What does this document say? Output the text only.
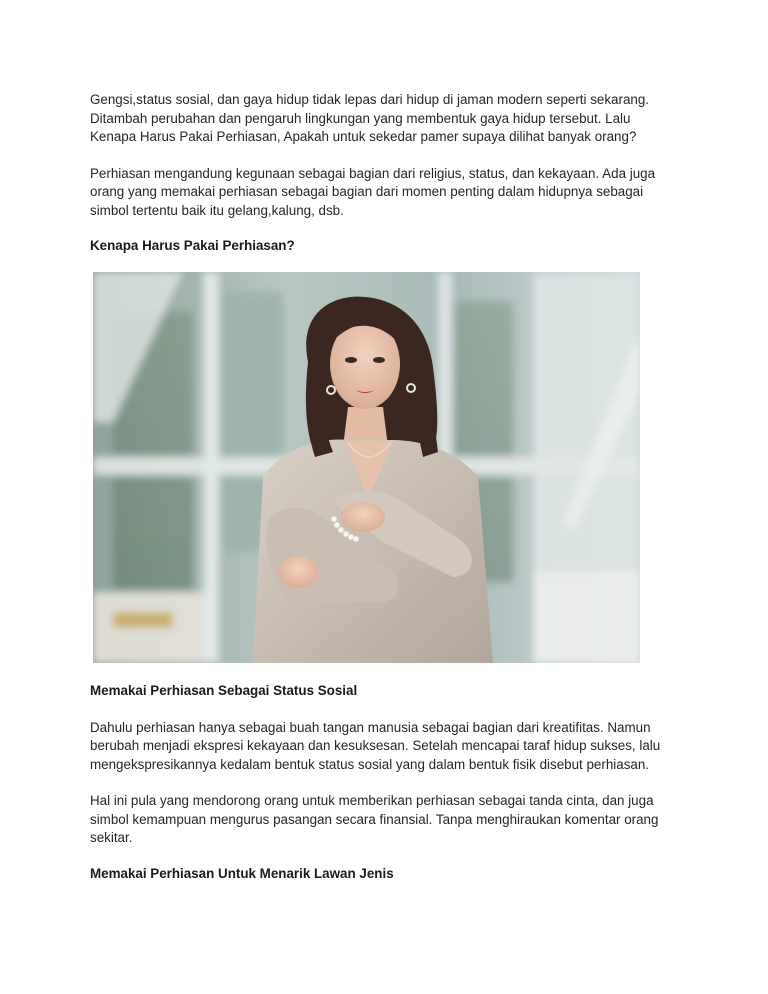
Gengsi,status sosial, dan gaya hidup tidak lepas dari hidup di jaman modern seperti sekarang.
Ditambah perubahan dan pengaruh lingkungan yang membentuk gaya hidup tersebut. Lalu
Kenapa Harus Pakai Perhiasan, Apakah untuk sekedar pamer supaya dilihat banyak orang?

Perhiasan mengandung kegunaan sebagai bagian dari religius, status, dan kekayaan. Ada juga
orang yang memakai perhiasan sebagai bagian dari momen penting dalam hidupnya sebagai
simbol tertentu baik itu gelang,kalung, dsb.

Kenapa Harus Pakai Perhiasan?
Memakai Perhiasan Sebagai Status Sosial

Dahulu perhiasan hanya sebagai buah tangan manusia sebagai bagian dari kreatifitas. Namun
berubah menjadi ekspresi kekayaan dan kesuksesan. Setelah mencapai taraf hidup sukses, lalu
mengekspresikannya kedalam bentuk status sosial yang dalam bentuk fisik disebut perhiasan.

Hal ini pula yang mendorong orang untuk memberikan perhiasan sebagai tanda cinta, dan juga
simbol kemampuan mengurus pasangan secara finansial. Tanpa menghiraukan komentar orang
sekitar.

Memakai Perhiasan Untuk Menarik Lawan Jenis
